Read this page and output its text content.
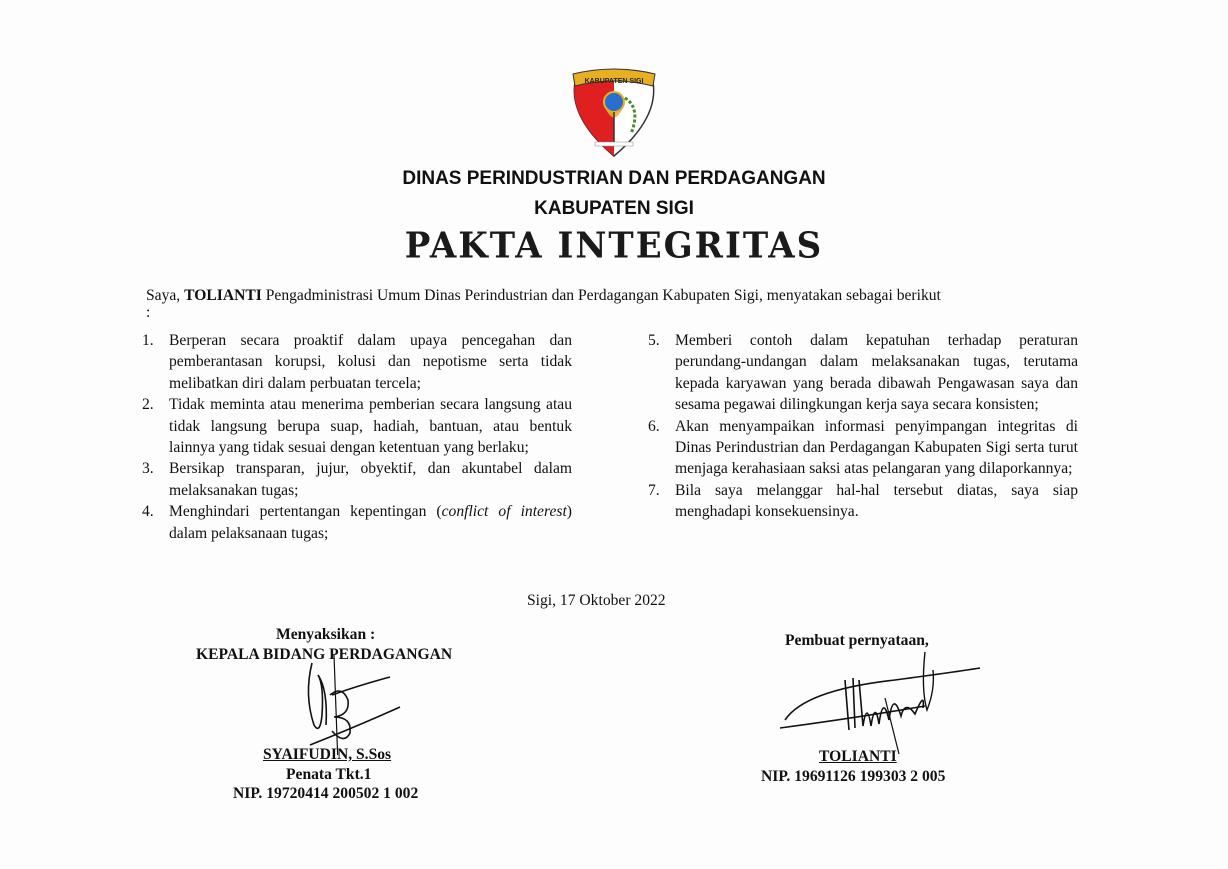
KABUPATEN SIGI
DINAS PERINDUSTRIAN DAN PERDAGANGAN
KABUPATEN SIGI
PAKTA INTEGRITAS
Saya, TOLIANTI Pengadministrasi Umum Dinas Perindustrian dan Perdagangan Kabupaten Sigi, menyatakan sebagai berikut
:
1. Berperan secara proaktif dalam upaya pencegahan dan pemberantasan korupsi, kolusi dan nepotisme serta tidak melibatkan diri dalam perbuatan tercela;
2. Tidak meminta atau menerima pemberian secara langsung atau tidak langsung berupa suap, hadiah, bantuan, atau bentuk lainnya yang tidak sesuai dengan ketentuan yang berlaku;
3. Bersikap transparan, jujur, obyektif, dan akuntabel dalam melaksanakan tugas;
4. Menghindari pertentangan kepentingan (conflict of interest) dalam pelaksanaan tugas;
5. Memberi contoh dalam kepatuhan terhadap peraturan perundang-undangan dalam melaksanakan tugas, terutama kepada karyawan yang berada dibawah Pengawasan saya dan sesama pegawai dilingkungan kerja saya secara konsisten;
6. Akan menyampaikan informasi penyimpangan integritas di Dinas Perindustrian dan Perdagangan Kabupaten Sigi serta turut menjaga kerahasiaan saksi atas pelangaran yang dilaporkannya;
7. Bila saya melanggar hal-hal tersebut diatas, saya siap menghadapi konsekuensinya.
Sigi, 17 Oktober 2022
Menyaksikan :
KEPALA BIDANG PERDAGANGAN
SYAIFUDIN, S.Sos
Penata Tkt.1
NIP. 19720414 200502 1 002
Pembuat pernyataan,
TOLIANTI
NIP. 19691126 199303 2 005
